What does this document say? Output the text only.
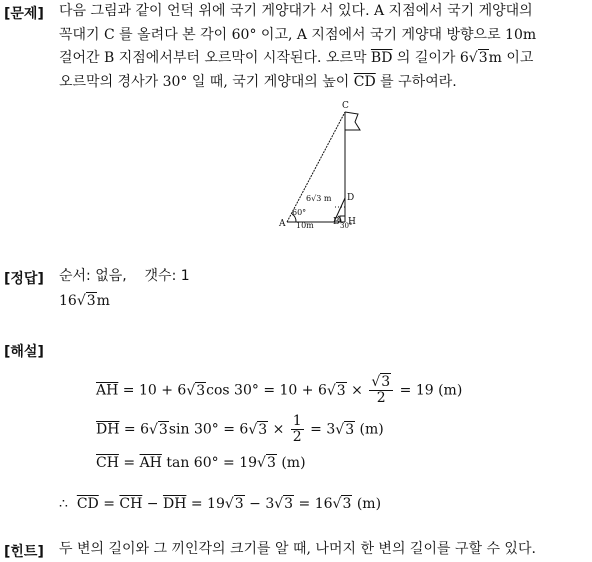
[문제] 다음 그림과 같이 언덕 위에 국기 게양대가 서 있다. A 지점에서 국기 게양대의
꼭대기 C 를 올려다 본 각이 60° 이고, A 지점에서 국기 게양대 방향으로 10m
걸어간 B 지점에서부터 오르막이 시작된다. 오르막 $\overline{BD}$ 의 길이가 6√3m 이고
오르막의 경사가 30° 일 때, 국기 게양대의 높이 $\overline{CD}$ 를 구하여라.
C
D
A	B H
6√3 m
60°
30°
10m
[정답] 순서: 없음, 갯수: 1
16√3m
[해설]
$\overline{AH} = 10 + 6√3\cos$ $30^\circ = 10 + 6√3 \times \frac{√3}{2} = 19$ (m)
$\overline{DH} = 6√3\sin$ $30^\circ = 6√3 \times \frac{1}{2} = 3√3$ (m)
$\overline{CH} = \overline{AH}$ tan 60° = 19√3 (m)
∴ $\overline{CD} = \overline{CH} - \overline{DH} = 19√3 - 3√3 = 16√3$ (m)
[힌트] 두 변의 길이와 그 끼인각의 크기를 알 때, 나머지 한 변의 길이를 구할 수 있다.
